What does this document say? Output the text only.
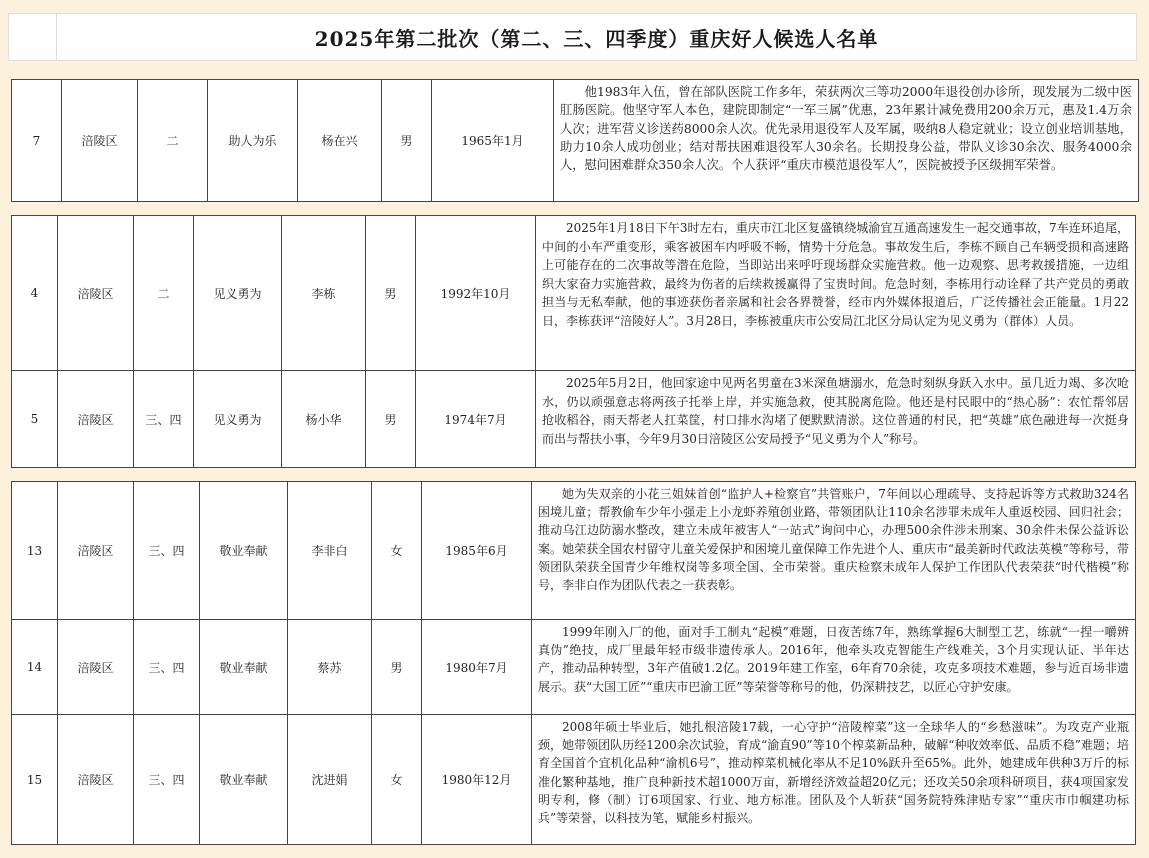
2025年第二批次（第二、三、四季度）重庆好人候选人名单
7	涪陵区	二	助人为乐	杨在兴	男	1965年1月	他1983年入伍，曾在部队医院工作多年，荣获两次三等功2000年退役创办诊所，现发展为二级中医肛肠医院。他坚守军人本色，建院即制定“一军三属”优惠，23年累计减免费用200余万元，惠及1.4万余人次；进军营义诊送药8000余人次。优先录用退役军人及军属，吸纳8人稳定就业；设立创业培训基地，助力10余人成功创业；结对帮扶困难退役军人30余名。长期投身公益，带队义诊30余次、服务4000余人，慰问困难群众350余人次。个人获评“重庆市模范退役军人”，医院被授予区级拥军荣誉。
4	涪陵区	二	见义勇为	李栋	男	1992年10月	2025年1月18日下午3时左右，重庆市江北区复盛镇绕城渝宜互通高速发生一起交通事故，7车连环追尾，中间的小车严重变形，乘客被困车内呼吸不畅，情势十分危急。事故发生后，李栋不顾自己车辆受损和高速路上可能存在的二次事故等潜在危险，当即站出来呼吁现场群众实施营救。他一边观察、思考救援措施，一边组织大家奋力实施营救，最终为伤者的后续救援赢得了宝贵时间。危急时刻，李栋用行动诠释了共产党员的勇敢担当与无私奉献，他的事迹获伤者亲属和社会各界赞誉，经市内外媒体报道后，广泛传播社会正能量。1月22日，李栋获评“涪陵好人”。3月28日，李栋被重庆市公安局江北区分局认定为见义勇为（群体）人员。
5	涪陵区	三、四	见义勇为	杨小华	男	1974年7月	2025年5月2日，他回家途中见两名男童在3米深鱼塘溺水，危急时刻纵身跃入水中。虽几近力竭、多次呛水，仍以顽强意志将两孩子托举上岸，并实施急救，使其脱离危险。他还是村民眼中的“热心肠”：农忙帮邻居抢收稻谷，雨天帮老人扛菜筐，村口排水沟堵了便默默清淤。这位普通的村民，把“英雄”底色融进每一次挺身而出与帮扶小事，今年9月30日涪陵区公安局授予“见义勇为个人”称号。
13	涪陵区	三、四	敬业奉献	李非白	女	1985年6月	她为失双亲的小花三姐妹首创“监护人+检察官”共管账户，7年间以心理疏导、支持起诉等方式救助324名困境儿童；帮教偷车少年小强走上小龙虾养殖创业路，带领团队让110余名涉罪未成年人重返校园、回归社会；推动乌江边防溺水整改，建立未成年被害人“一站式”询问中心，办理500余件涉未刑案、30余件未保公益诉讼案。她荣获全国农村留守儿童关爱保护和困境儿童保障工作先进个人、重庆市“最美新时代政法英模”等称号，带领团队荣获全国青少年维权岗等多项全国、全市荣誉。重庆检察未成年人保护工作团队代表荣获“时代楷模”称号，李非白作为团队代表之一获表彰。
14	涪陵区	三、四	敬业奉献	蔡苏	男	1980年7月	1999年刚入厂的他，面对手工制丸“起模”难题，日夜苦练7年，熟练掌握6大制型工艺，练就“一捏一嚼辨真伪”绝技，成厂里最年轻市级非遗传承人。2016年，他牵头攻克智能生产线难关，3个月实现认证、半年达产，推动品种转型，3年产值破1.2亿。2019年建工作室，6年育70余徒，攻克多项技术难题，参与近百场非遗展示。获“大国工匠”“重庆市巴渝工匠”等荣誉等称号的他，仍深耕技艺，以匠心守护安康。
15	涪陵区	三、四	敬业奉献	沈进娟	女	1980年12月	2008年硕士毕业后，她扎根涪陵17载，一心守护“涪陵榨菜”这一全球华人的“乡愁滋味”。为攻克产业瓶颈，她带领团队历经1200余次试验，育成“渝直90”等10个榨菜新品种，破解“种收效率低、品质不稳”难题；培育全国首个宜机化品种“渝机6号”，推动榨菜机械化率从不足10%跃升至65%。此外，她建成年供种3万斤的标准化繁种基地，推广良种新技术超1000万亩，新增经济效益超20亿元；还攻关50余项科研项目，获4项国家发明专利，修（制）订6项国家、行业、地方标准。团队及个人斩获“国务院特殊津贴专家”“重庆市巾帼建功标兵”等荣誉，以科技为笔，赋能乡村振兴。
